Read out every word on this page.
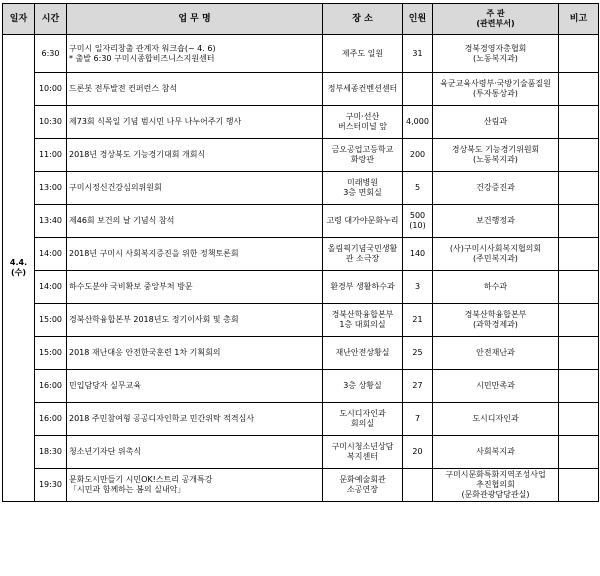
일자	시간	업 무 명	장 소	인원	주 관
(관련부서)	비고

4.4.
(수)	6:30	구미시 일자리창출 관계자 워크숍(~ 4. 6)
* 출발 6:30 구미시종합비즈니스지원센터	제주도 일원	31	경북경영자총협회
(노동복지과)	

	10:00	드론봇 전투발전 컨퍼런스 참석	정부세종컨벤션센터		육군교육사령부·국방기술품질원
(투자통상과)	

	10:30	제73회 식목일 기념 범시민 나무 나누어주기 행사	구미·선산
버스터미널 앞	4,000	산림과	

	11:00	2018년 경상북도 기능경기대회 개회식	금오공업고등학교
화랑관	200	경상북도 기능경기위원회
(노동복지과)	

	13:00	구미시정신건강심의위원회	미래병원
3층 면회실	5	건강증진과	

	13:40	제46회 보건의 날 기념식 참석	고령 대가야문화누리	500
(10)	보건행정과	

	14:00	2018년 구미시 사회복지증진을 위한 정책토론회	올림픽기념국민생활
관 소극장	140	(사)구미시사회복지협의회
(주민복지과)	

	14:00	하수도분야 국비확보 중앙부처 방문	환경부 생활하수과	3	하수과	

	15:00	경북산학융합본부 2018년도 정기이사회 및 총회	경북산학융합본부
1층 대회의실	21	경북산학융합본부
(과학경제과)	

	15:00	2018 재난대응 안전한국훈련 1차 기획회의	재난안전상황실	25	안전재난과	

	16:00	민입담당자 실무교육	3층 상황실	27	시민만족과	

	16:00	2018 주민참여형 공공디자인학교 민간위탁 적격심사	도시디자인과
회의실	7	도시디자인과	

	18:30	청소년기자단 위촉식	구미시청소년상담
복지센터	20	사회복지과	

	19:30	문화도시만들기 시민OK!스트리 공개특강
「시민과 함께하는 봄의 실내악」	문화예술회관
소공연장		구미시문화특화지역조성사업
추진협의회
(문화관광담당관실)	
